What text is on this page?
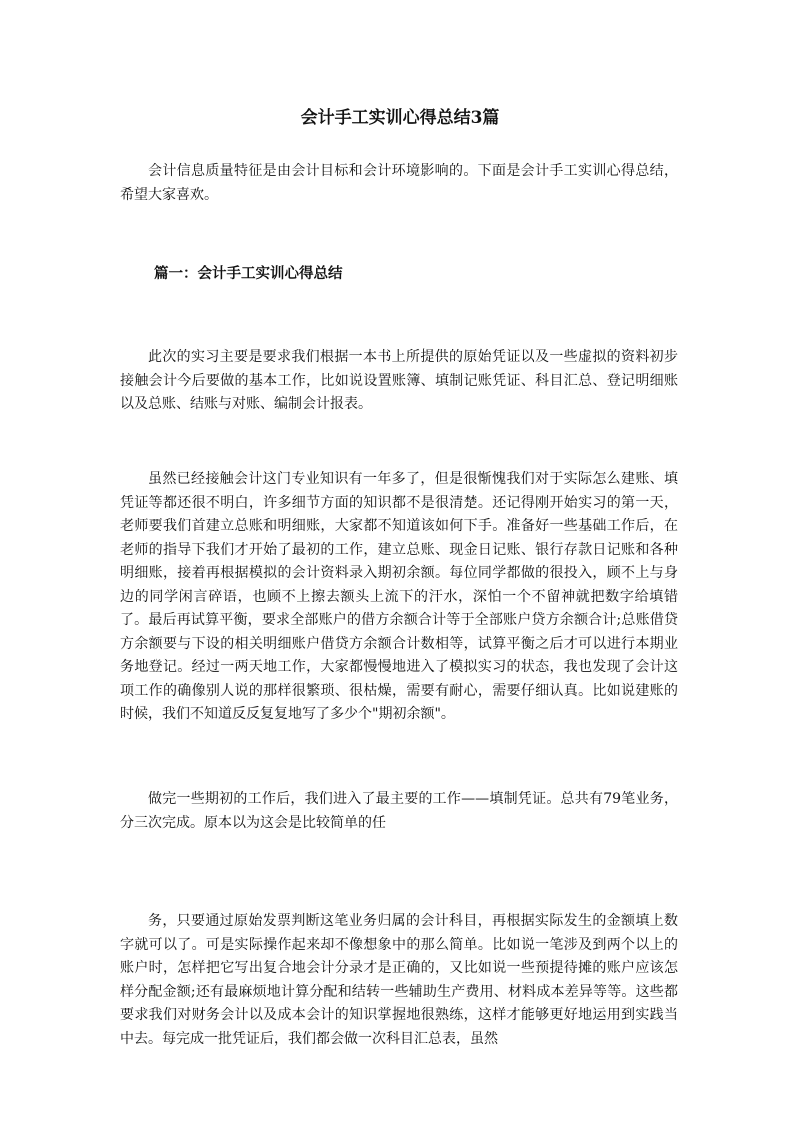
会计手工实训心得总结3篇

会计信息质量特征是由会计目标和会计环境影响的。下面是会计手工实训心得总结，希望大家喜欢。

篇一：会计手工实训心得总结

此次的实习主要是要求我们根据一本书上所提供的原始凭证以及一些虚拟的资料初步接触会计今后要做的基本工作，比如说设置账簿、填制记账凭证、科目汇总、登记明细账以及总账、结账与对账、编制会计报表。

虽然已经接触会计这门专业知识有一年多了，但是很惭愧我们对于实际怎么建账、填凭证等都还很不明白，许多细节方面的知识都不是很清楚。还记得刚开始实习的第一天，老师要我们首建立总账和明细账，大家都不知道该如何下手。准备好一些基础工作后，在老师的指导下我们才开始了最初的工作，建立总账、现金日记账、银行存款日记账和各种明细账，接着再根据模拟的会计资料录入期初余额。每位同学都做的很投入，顾不上与身边的同学闲言碎语，也顾不上擦去额头上流下的汗水，深怕一个不留神就把数字给填错了。最后再试算平衡，要求全部账户的借方余额合计等于全部账户贷方余额合计;总账借贷方余额要与下设的相关明细账户借贷方余额合计数相等，试算平衡之后才可以进行本期业务地登记。经过一两天地工作，大家都慢慢地进入了模拟实习的状态，我也发现了会计这项工作的确像别人说的那样很繁琐、很枯燥，需要有耐心，需要仔细认真。比如说建账的时候，我们不知道反反复复地写了多少个"期初余额"。

做完一些期初的工作后，我们进入了最主要的工作——填制凭证。总共有79笔业务，分三次完成。原本以为这会是比较简单的任

务，只要通过原始发票判断这笔业务归属的会计科目，再根据实际发生的金额填上数字就可以了。可是实际操作起来却不像想象中的那么简单。比如说一笔涉及到两个以上的账户时，怎样把它写出复合地会计分录才是正确的，又比如说一些预提待摊的账户应该怎样分配金额;还有最麻烦地计算分配和结转一些辅助生产费用、材料成本差异等等。这些都要求我们对财务会计以及成本会计的知识掌握地很熟练，这样才能够更好地运用到实践当中去。每完成一批凭证后，我们都会做一次科目汇总表，虽然
